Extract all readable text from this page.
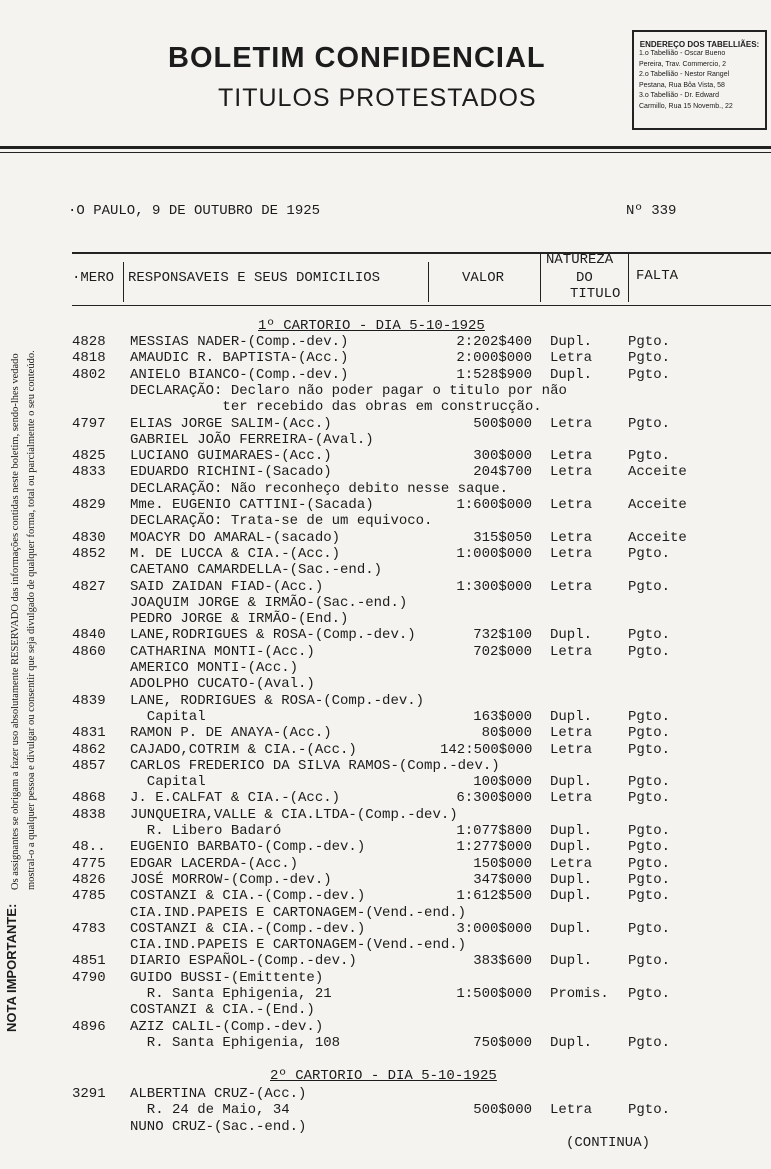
BOLETIM CONFIDENCIAL
TITULOS PROTESTADOS
ENDEREÇO DOS TABELLIÃES:
1.o Tabellião - Oscar Bueno
Pereira, Trav. Commercio, 2
2.o Tabellião - Nestor Rangel
Pestana, Rua Bôa Vista, 58
3.o Tabellião - Dr. Edward
Carmillo, Rua 15 Novemb., 22
Os assignantes se obrigam a fazer uso absolutamente RESERVADO das informações contidas neste boletim, sendo-lhes vedado mostral-o a qualquer pessoa e divulgar ou consentir que seja divulgado de qualquer forma, total ou parcialmente o seu conteúdo.
NOTA IMPORTANTE:
·O PAULO, 9 DE OUTUBRO DE 1925	Nº 339
·MERO RESPONSAVEIS E SEUS DOMICILIOS	VALOR
NATUREZA
DO
TITULO
FALTA
1º CARTORIO - DIA 5-10-1925
4828 MESSIAS NADER-(Comp.-dev.)	2:202$400 Dupl.	Pgto.
4818 AMAUDIC R. BAPTISTA-(Acc.)	2:000$000 Letra	Pgto.
4802 ANIELO BIANCO-(Comp.-dev.)	1:528$900 Dupl.	Pgto.
DECLARAÇÃO: Declaro não poder pagar o titulo por não
ter recebido das obras em construcção.
4797 ELIAS JORGE SALIM-(Acc.)	500$000 Letra	Pgto.
GABRIEL JOÃO FERREIRA-(Aval.)
4825 LUCIANO GUIMARAES-(Acc.)	300$000 Letra	Pgto.
4833 EDUARDO RICHINI-(Sacado)	204$700 Letra	Acceite
DECLARAÇÃO: Não reconheço debito nesse saque.
4829 Mme. EUGENIO CATTINI-(Sacada)	1:600$000 Letra	Acceite
DECLARAÇÃO: Trata-se de um equivoco.
4830 MOACYR DO AMARAL-(sacado)	315$050 Letra	Acceite
4852 M. DE LUCCA & CIA.-(Acc.)	1:000$000 Letra	Pgto.
CAETANO CAMARDELLA-(Sac.-end.)
4827 SAID ZAIDAN FIAD-(Acc.)	1:300$000 Letra	Pgto.
JOAQUIM JORGE & IRMÃO-(Sac.-end.)
PEDRO JORGE & IRMÃO-(End.)
4840 LANE,RODRIGUES & ROSA-(Comp.-dev.)	732$100 Dupl.	Pgto.
4860 CATHARINA MONTI-(Acc.)	702$000 Letra	Pgto.
AMERICO MONTI-(Acc.)
ADOLPHO CUCATO-(Aval.)
4839 LANE, RODRIGUES & ROSA-(Comp.-dev.)
Capital	163$000 Dupl.	Pgto.
4831 RAMON P. DE ANAYA-(Acc.)	80$000 Letra	Pgto.
4862 CAJADO,COTRIM & CIA.-(Acc.)	142:500$000 Letra	Pgto.
4857 CARLOS FREDERICO DA SILVA RAMOS-(Comp.-dev.)
Capital	100$000 Dupl.	Pgto.
4868 J. E.CALFAT & CIA.-(Acc.)	6:300$000 Letra	Pgto.
4838 JUNQUEIRA,VALLE & CIA.LTDA-(Comp.-dev.)
R. Libero Badaró	1:077$800 Dupl.	Pgto.
48.. EUGENIO BARBATO-(Comp.-dev.)	1:277$000 Dupl.	Pgto.
4775 EDGAR LACERDA-(Acc.)	150$000 Letra	Pgto.
4826 JOSÉ MORROW-(Comp.-dev.)	347$000 Dupl.	Pgto.
4785 COSTANZI & CIA.-(Comp.-dev.)	1:612$500 Dupl.	Pgto.
CIA.IND.PAPEIS E CARTONAGEM-(Vend.-end.)
4783 COSTANZI & CIA.-(Comp.-dev.)	3:000$000 Dupl.	Pgto.
CIA.IND.PAPEIS E CARTONAGEM-(Vend.-end.)
4851 DIARIO ESPAÑOL-(Comp.-dev.)	383$600 Dupl.	Pgto.
4790 GUIDO BUSSI-(Emittente)
R. Santa Ephigenia, 21	1:500$000 Promis. Pgto.
COSTANZI & CIA.-(End.)
4896 AZIZ CALIL-(Comp.-dev.)
R. Santa Ephigenia, 108	750$000 Dupl.	Pgto.
2º CARTORIO - DIA 5-10-1925
3291 ALBERTINA CRUZ-(Acc.)
R. 24 de Maio, 34	500$000 Letra	Pgto.
NUNO CRUZ-(Sac.-end.)
(CONTINUA)
